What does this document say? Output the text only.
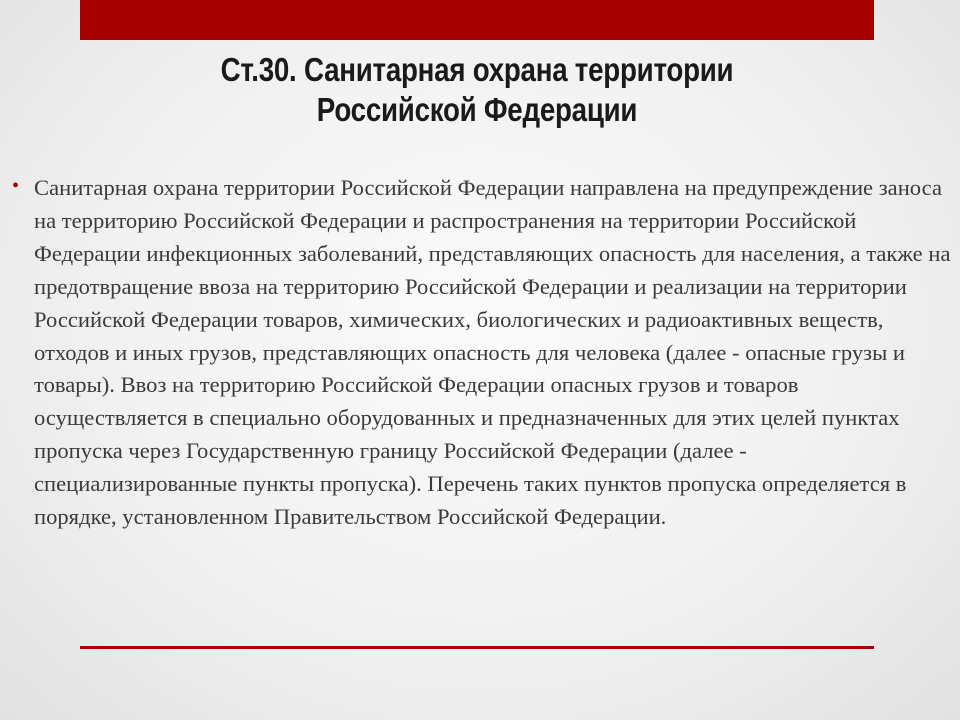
Ст.30. Санитарная охрана территории
Российской Федерации
• Санитарная охрана территории Российской Федерации направлена на предупреждение заноса на территорию Российской Федерации и распространения на территории Российской Федерации инфекционных заболеваний, представляющих опасность для населения, а также на предотвращение ввоза на территорию Российской Федерации и реализации на территории Российской Федерации товаров, химических, биологических и радиоактивных веществ, отходов и иных грузов, представляющих опасность для человека (далее - опасные грузы и товары). Ввоз на территорию Российской Федерации опасных грузов и товаров осуществляется в специально оборудованных и предназначенных для этих целей пунктах пропуска через Государственную границу Российской Федерации (далее - специализированные пункты пропуска). Перечень таких пунктов пропуска определяется в порядке, установленном Правительством Российской Федерации.
